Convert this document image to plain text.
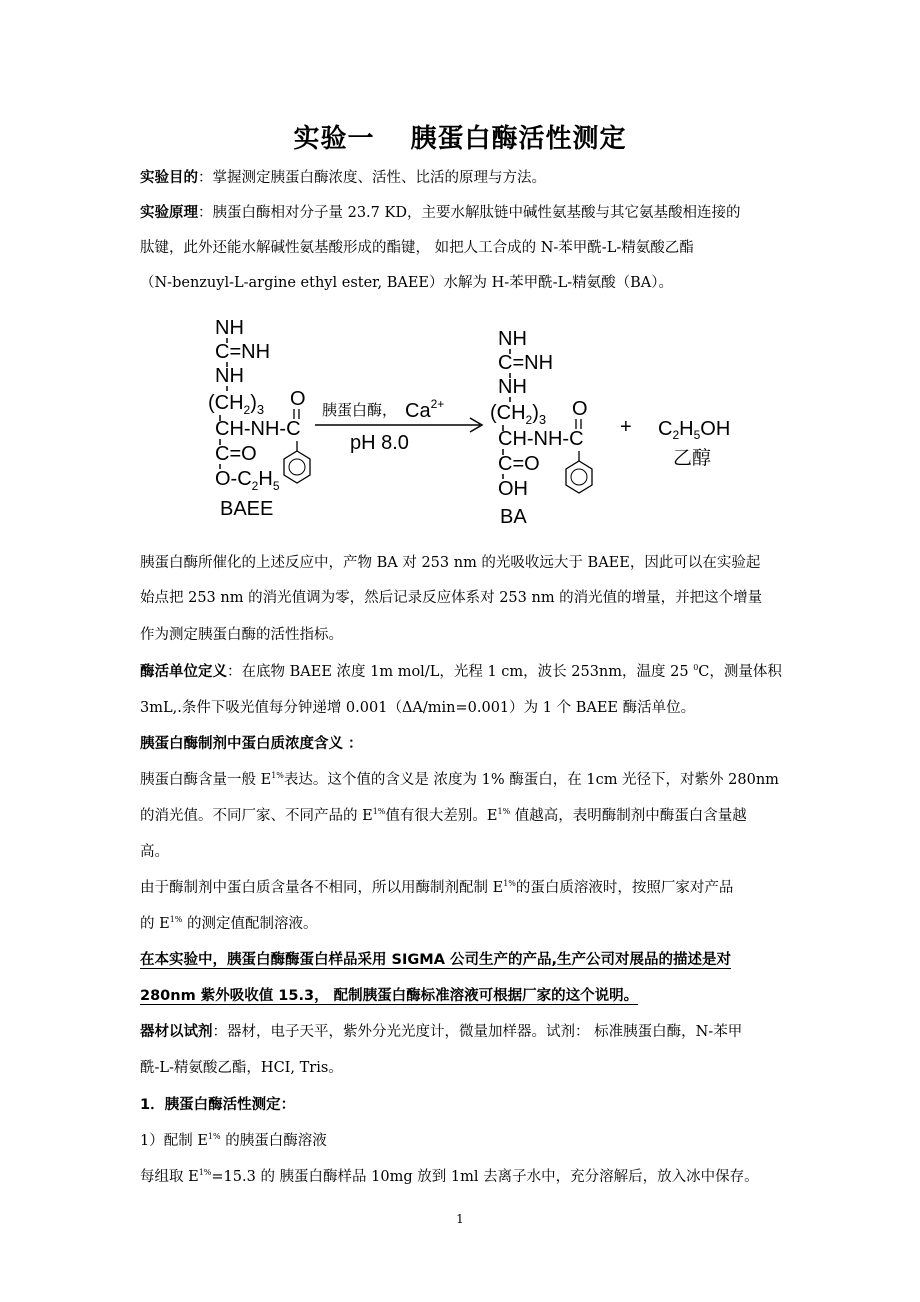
实验一 胰蛋白酶活性测定
实验目的：掌握测定胰蛋白酶浓度、活性、比活的原理与方法。
实验原理：胰蛋白酶相对分子量 23.7 KD，主要水解肽链中碱性氨基酸与其它氨基酸相连接的
肽键，此外还能水解碱性氨基酸形成的酯键， 如把人工合成的 N-苯甲酰-L-精氨酸乙酯
（N-benzuyl-L-argine ethyl ester, BAEE）水解为 H-苯甲酰-L-精氨酸（BA）。
NH
C=NH
NH
$(CH_2)_3$
CH-NH-C
C=O
$O-C_2H_5$
O
BAEE
胰蛋白酶， $Ca^{2+}$
pH 8.0
NH
C=NH
NH
$(CH_2)_3$
CH-NH-C
C=O
OH
O
BA
+ $C_2H_5OH$
乙醇
胰蛋白酶所催化的上述反应中，产物 BA 对 253 nm 的光吸收远大于 BAEE，因此可以在实验起
始点把 253 nm 的消光值调为零，然后记录反应体系对 253 nm 的消光值的增量，并把这个增量
作为测定胰蛋白酶的活性指标。
酶活单位定义：在底物 BAEE 浓度 1m mol/L，光程 1 cm，波长 253nm，温度 25 $^0$C，测量体积
3mL,.条件下吸光值每分钟递增 0.001（ΔA/min=0.001）为 1 个 BAEE 酶活单位。
胰蛋白酶制剂中蛋白质浓度含义 ：
胰蛋白酶含量一般 $E^{1\%}$表达。这个值的含义是 浓度为 1% 酶蛋白，在 1cm 光径下，对紫外 280nm
的消光值。不同厂家、不同产品的 $E^{1\%}$值有很大差别。$E^{1\%}$ 值越高，表明酶制剂中酶蛋白含量越
高。
由于酶制剂中蛋白质含量各不相同，所以用酶制剂配制 $E^{1\%}$的蛋白质溶液时，按照厂家对产品
的 $E^{1\%}$ 的测定值配制溶液。
在本实验中，胰蛋白酶酶蛋白样品采用 SIGMA 公司生产的产品,生产公司对展品的描述是对
280nm 紫外吸收值 15.3， 配制胰蛋白酶标准溶液可根据厂家的这个说明。
器材以试剂：器材，电子天平，紫外分光光度计，微量加样器。试剂： 标准胰蛋白酶，N-苯甲
酰-L-精氨酸乙酯，HCI, Tris。
1．胰蛋白酶活性测定：
1）配制 $E^{1\%}$ 的胰蛋白酶溶液
每组取 $E^{1\%}=15.3$ 的 胰蛋白酶样品 10mg 放到 1ml 去离子水中，充分溶解后，放入冰中保存。
1
